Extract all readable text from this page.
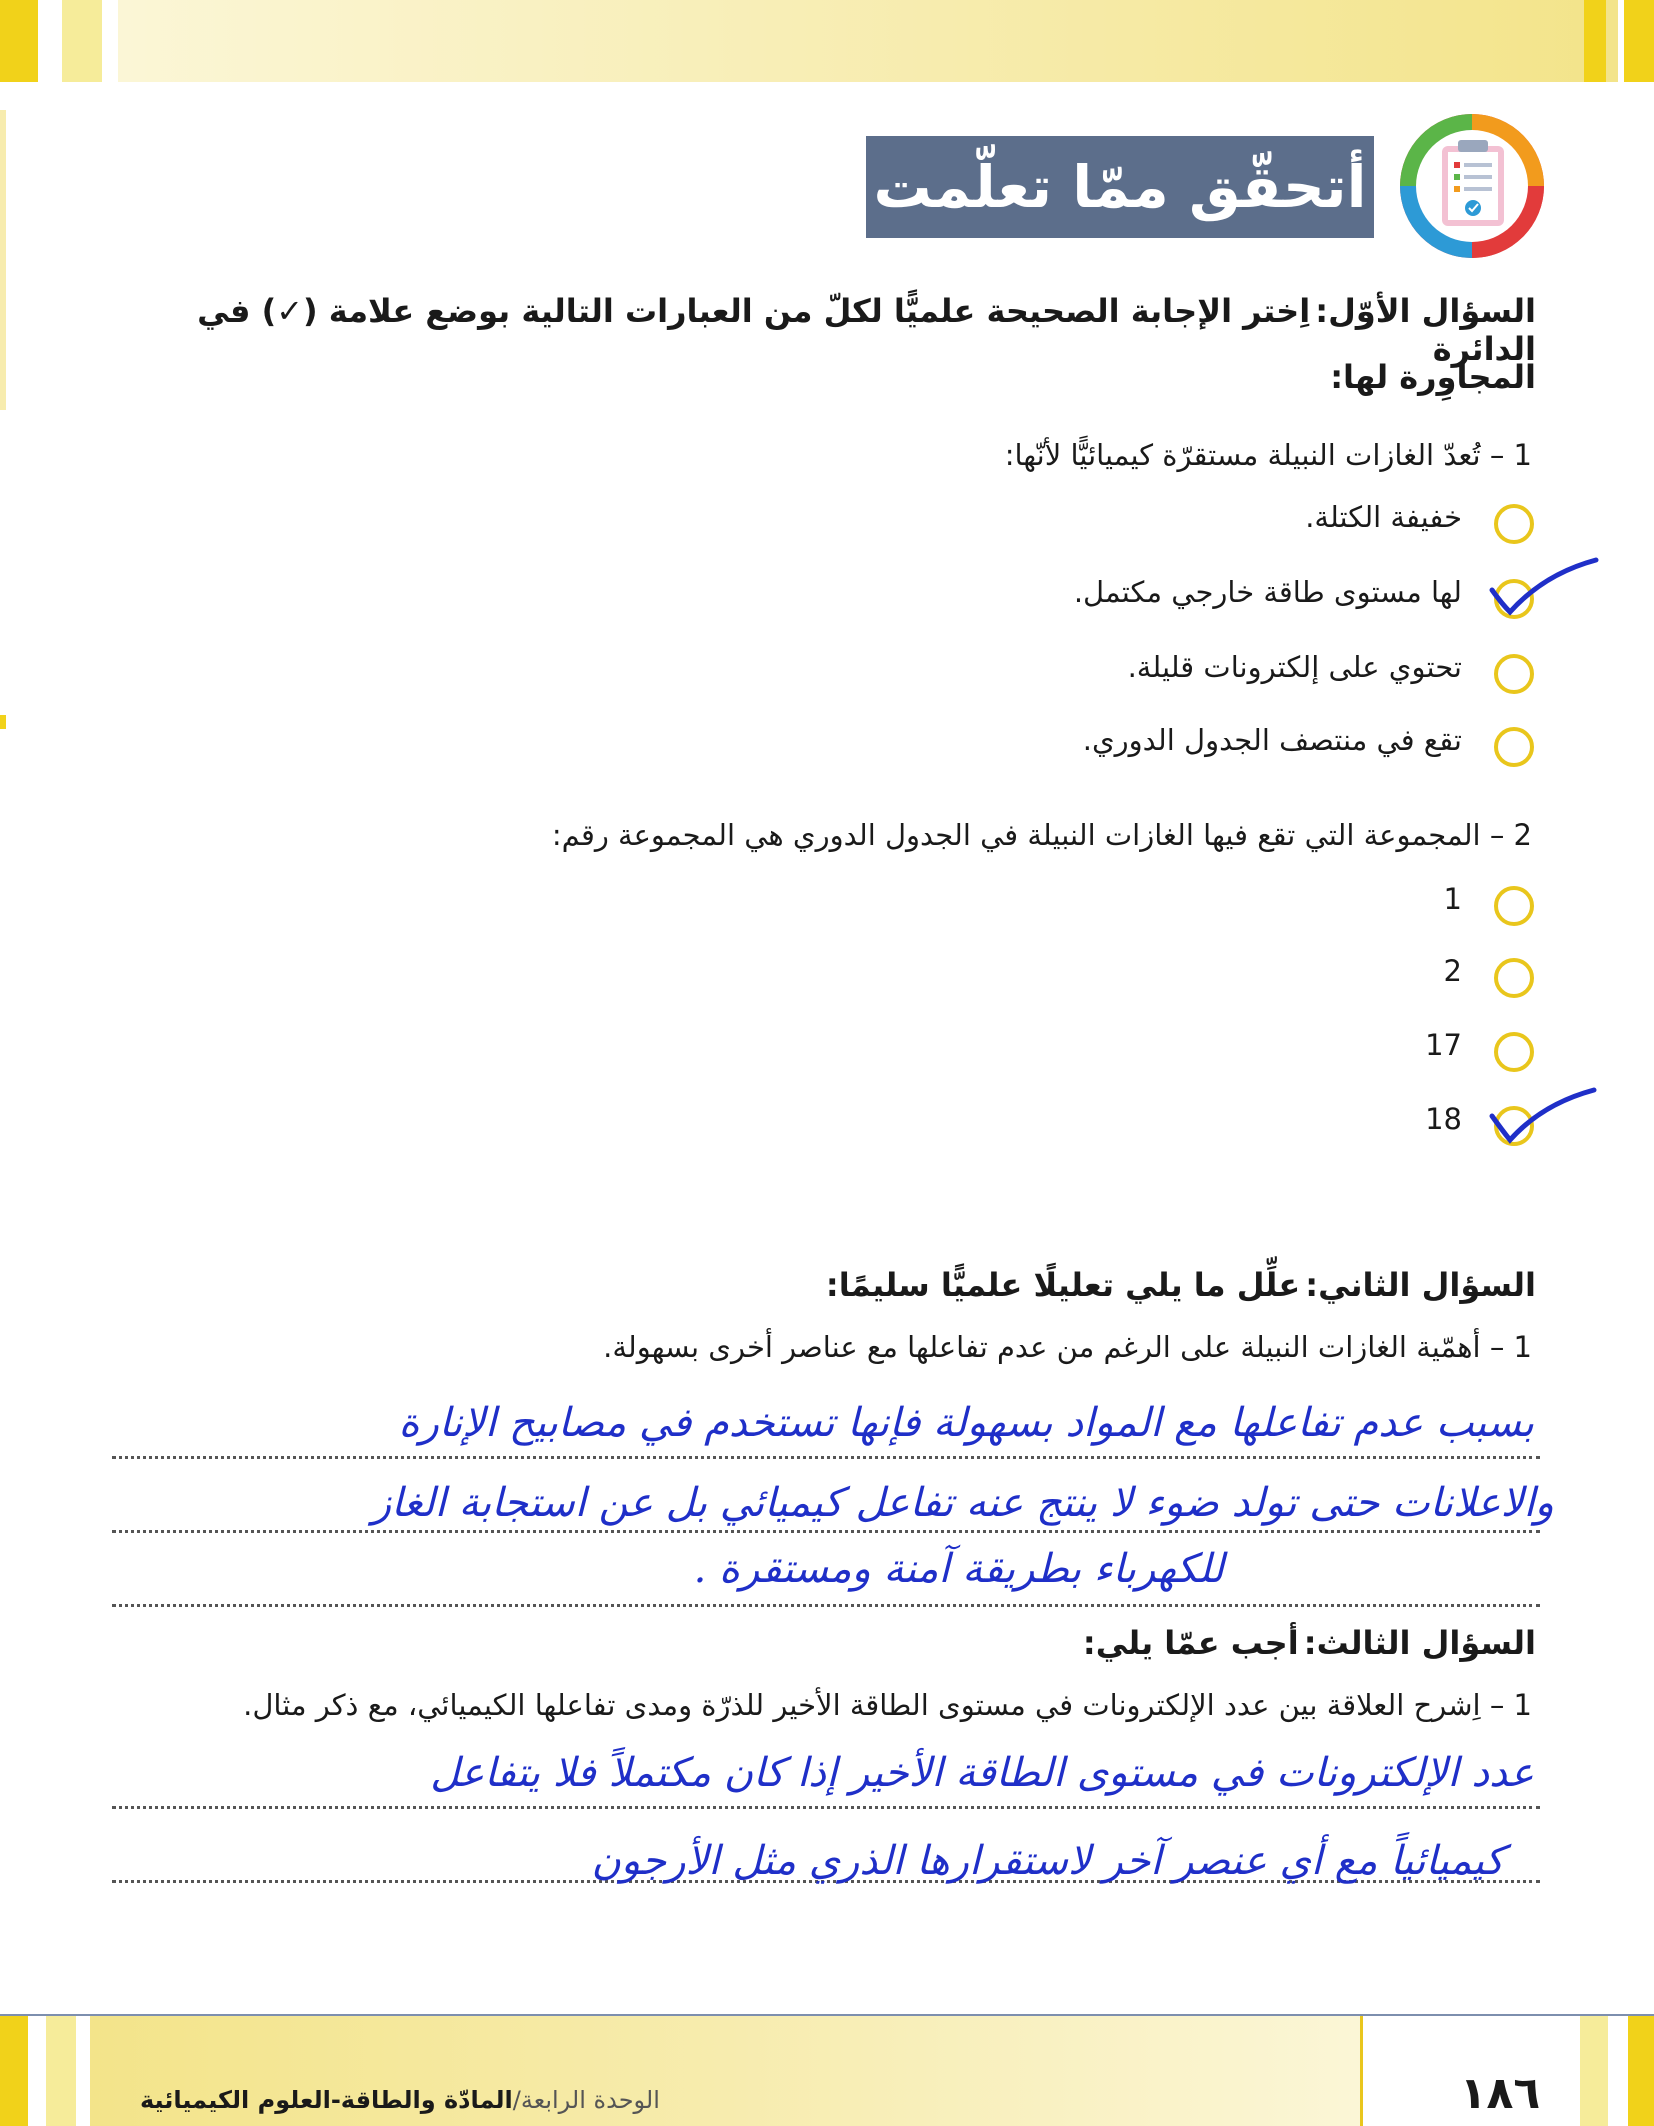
أتحقّق ممّا تعلّمت
السؤال الأوّل: اِختر الإجابة الصحيحة علميًّا لكلّ من العبارات التالية بوضع علامة (✓) في الدائرة
المجاوِرة لها:
1 – تُعدّ الغازات النبيلة مستقرّة كيميائيًّا لأنّها:
خفيفة الكتلة.
لها مستوى طاقة خارجي مكتمل.
تحتوي على إلكترونات قليلة.
تقع في منتصف الجدول الدوري.
2 – المجموعة التي تقع فيها الغازات النبيلة في الجدول الدوري هي المجموعة رقم:
1
2
17
18
السؤال الثاني: علِّل ما يلي تعليلًا علميًّا سليمًا:
1 – أهمّية الغازات النبيلة على الرغم من عدم تفاعلها مع عناصر أخرى بسهولة.
بسبب عدم تفاعلها مع المواد بسهولة فإنها تستخدم في مصابيح الإنارة
والاعلانات حتى تولد ضوء لا ينتج عنه تفاعل كيميائي بل عن استجابة الغاز
للكهرباء بطريقة آمنة ومستقرة .
السؤال الثالث: أجب عمّا يلي:
1 – اِشرح العلاقة بين عدد الإلكترونات في مستوى الطاقة الأخير للذرّة ومدى تفاعلها الكيميائي، مع ذكر مثال.
عدد الإلكترونات في مستوى الطاقة الأخير إذا كان مكتملاً فلا يتفاعل
كيميائياً مع أي عنصر آخر لاستقرارها الذري مثل الأرجون
الوحدة الرابعة/المادّة والطاقة-العلوم الكيميائية	١٨٦
